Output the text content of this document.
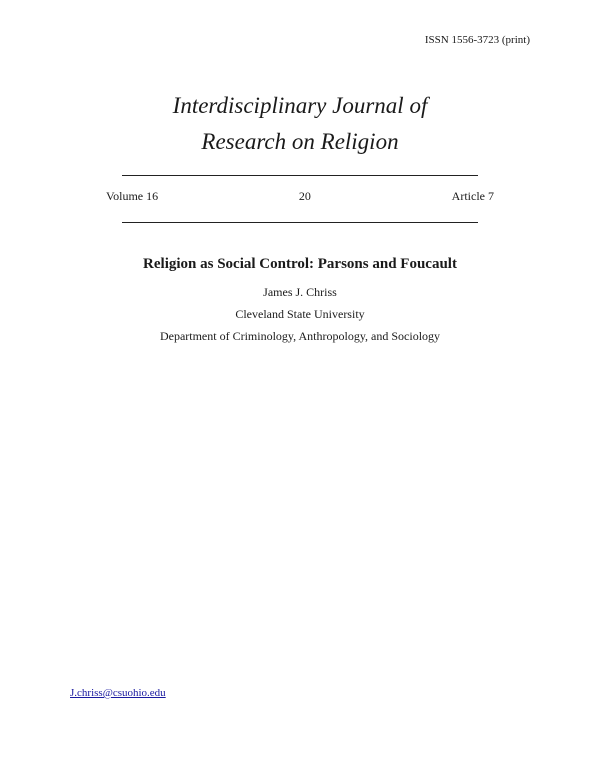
ISSN 1556-3723 (print)
Interdisciplinary Journal of
Research on Religion
Volume 16	20	Article 7
Religion as Social Control: Parsons and Foucault
James J. Chriss
Cleveland State University
Department of Criminology, Anthropology, and Sociology
J.chriss@csuohio.edu
